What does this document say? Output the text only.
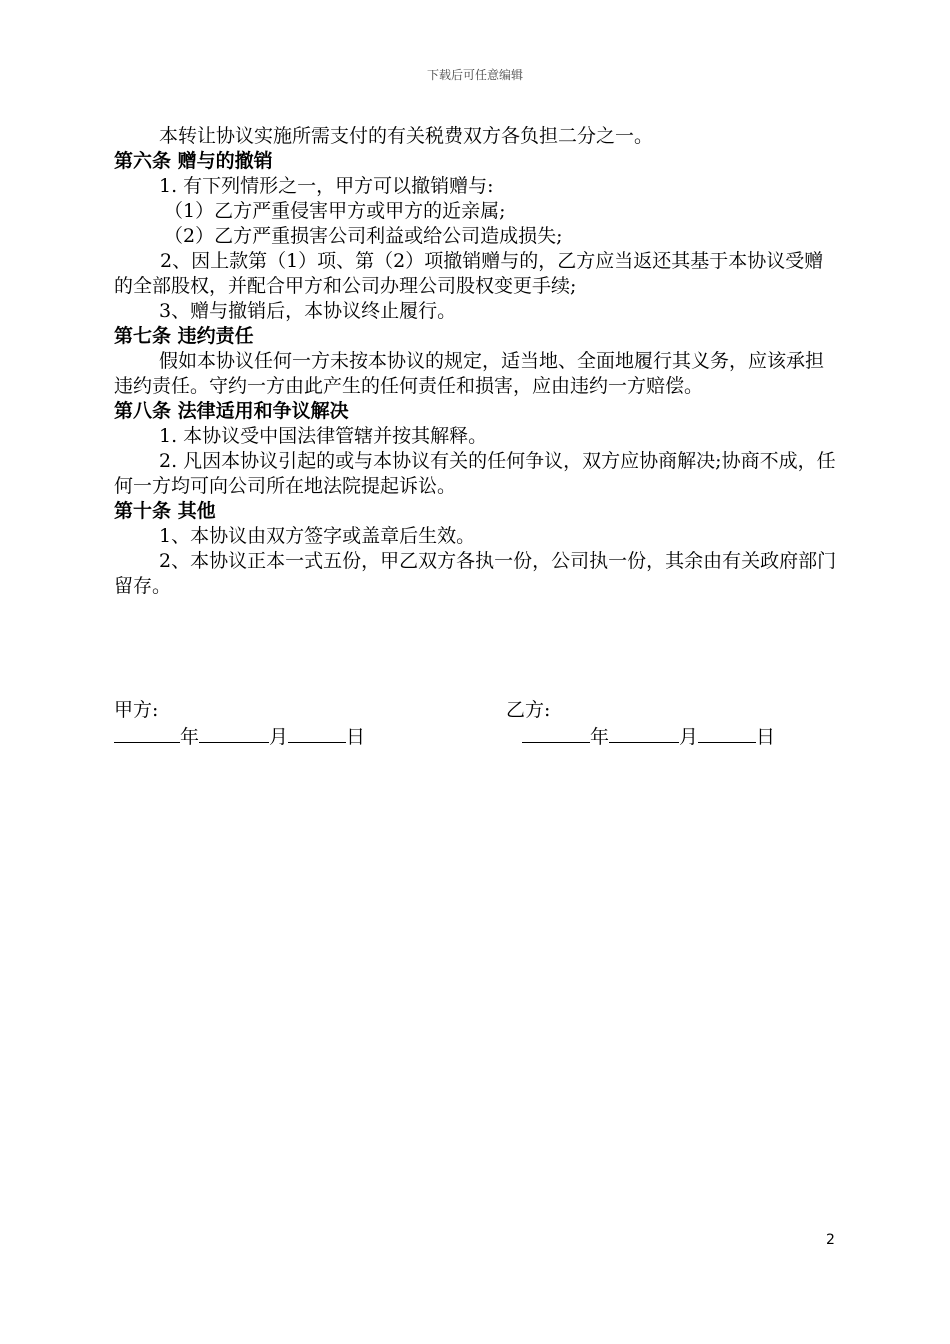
下载后可任意编辑

本转让协议实施所需支付的有关税费双方各负担二分之一。

第六条 赠与的撤销

1. 有下列情形之一，甲方可以撤销赠与:

（1）乙方严重侵害甲方或甲方的近亲属;

（2）乙方严重损害公司利益或给公司造成损失;

2、因上款第（1）项、第（2）项撤销赠与的，乙方应当返还其基于本协议受赠的全部股权，并配合甲方和公司办理公司股权变更手续;

3、赠与撤销后，本协议终止履行。

第七条 违约责任

假如本协议任何一方未按本协议的规定，适当地、全面地履行其义务，应该承担违约责任。守约一方由此产生的任何责任和损害，应由违约一方赔偿。

第八条 法律适用和争议解决

1. 本协议受中国法律管辖并按其解释。

2. 凡因本协议引起的或与本协议有关的任何争议，双方应协商解决;协商不成，任何一方均可向公司所在地法院提起诉讼。

第十条 其他

1、本协议由双方签字或盖章后生效。

2、本协议正本一式五份，甲乙双方各执一份，公司执一份，其余由有关政府部门留存。

甲方:	乙方:
年	月	日	年	月	日
2
